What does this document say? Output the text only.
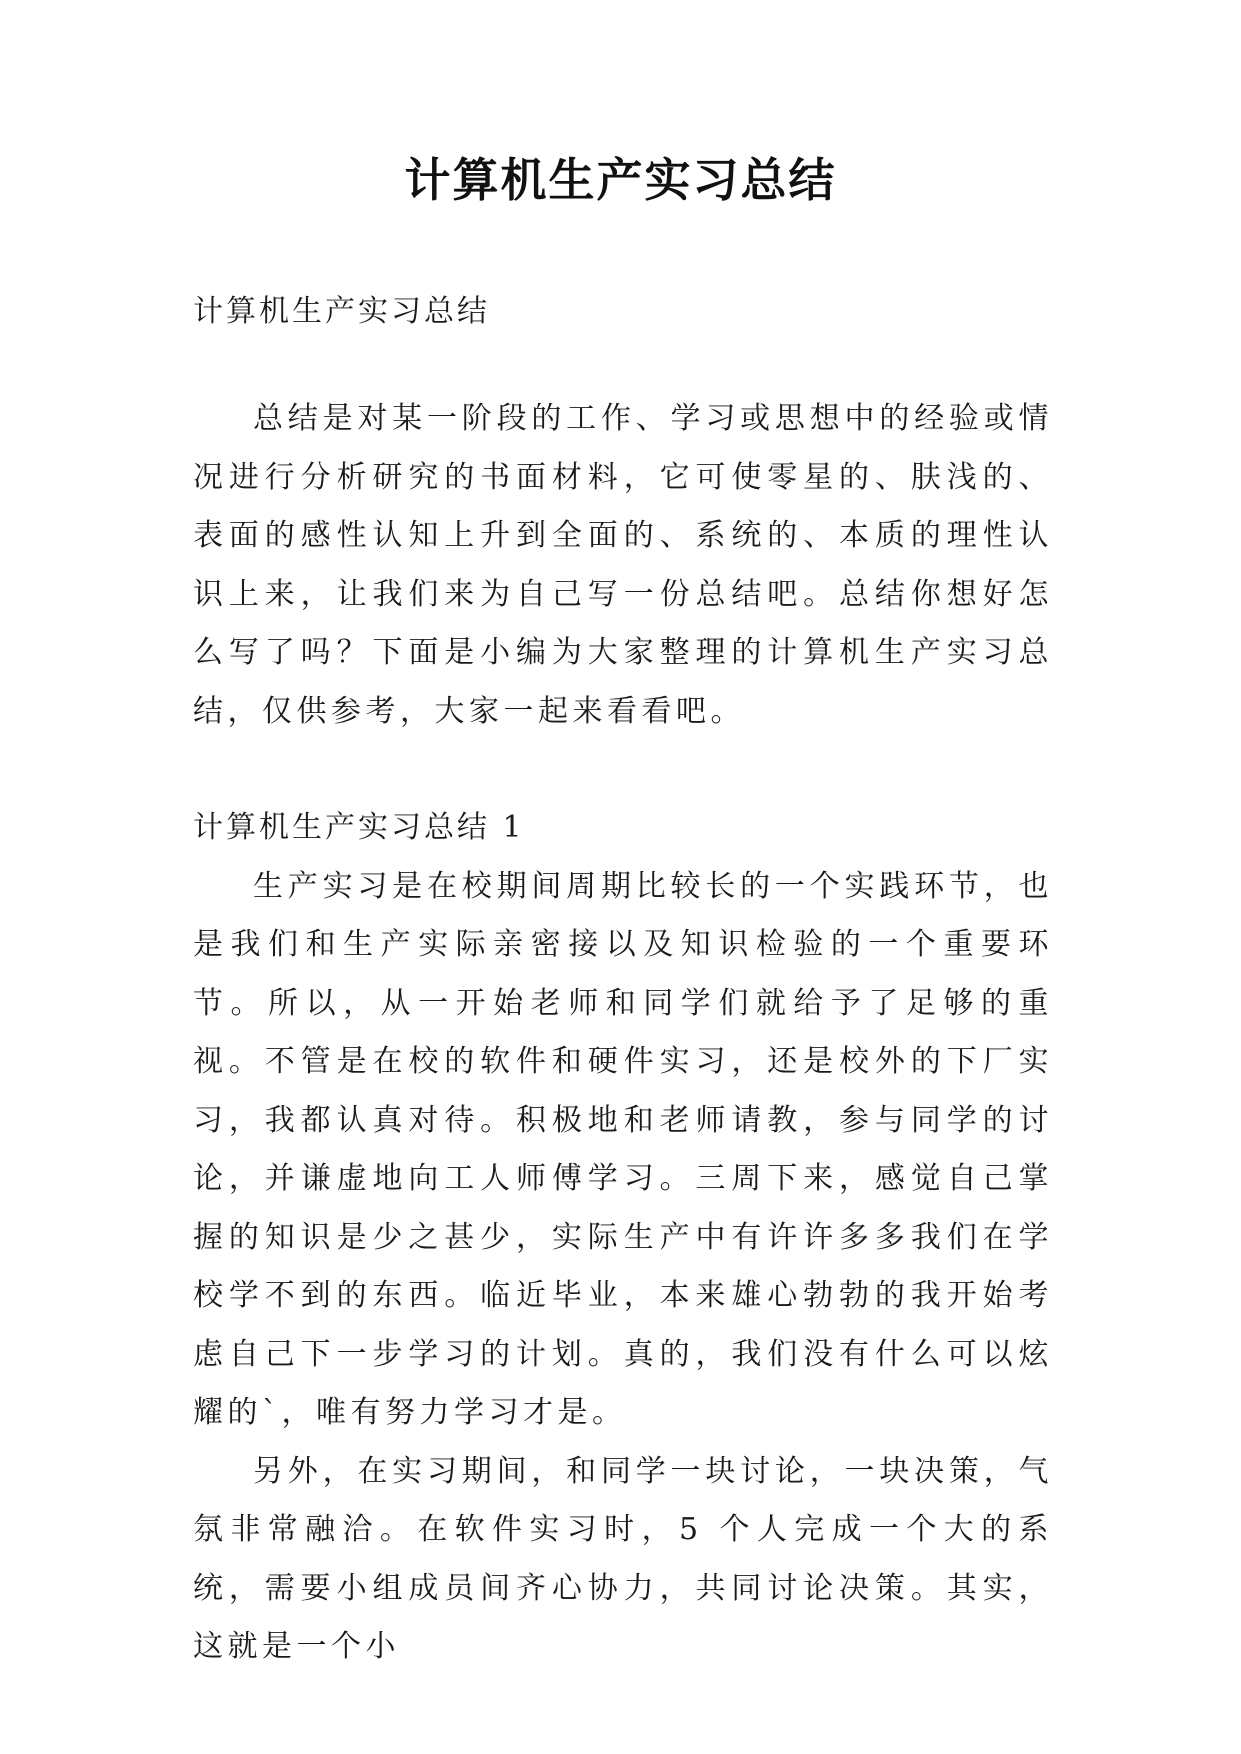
计算机生产实习总结

计算机生产实习总结

总结是对某一阶段的工作、学习或思想中的经验或情况进行分析研究的书面材料，它可使零星的、肤浅的、表面的感性认知上升到全面的、系统的、本质的理性认识上来，让我们来为自己写一份总结吧。总结你想好怎么写了吗？下面是小编为大家整理的计算机生产实习总结，仅供参考，大家一起来看看吧。

计算机生产实习总结 1

生产实习是在校期间周期比较长的一个实践环节，也是我们和生产实际亲密接以及知识检验的一个重要环节。所以，从一开始老师和同学们就给予了足够的重视。不管是在校的软件和硬件实习，还是校外的下厂实习，我都认真对待。积极地和老师请教，参与同学的讨论，并谦虚地向工人师傅学习。三周下来，感觉自己掌握的知识是少之甚少，实际生产中有许许多多我们在学校学不到的东西。临近毕业，本来雄心勃勃的我开始考虑自己下一步学习的计划。真的，我们没有什么可以炫耀的`，唯有努力学习才是。

另外，在实习期间，和同学一块讨论，一块决策，气氛非常融洽。在软件实习时，5 个人完成一个大的系统，需要小组成员间齐心协力，共同讨论决策。其实，这就是一个小
